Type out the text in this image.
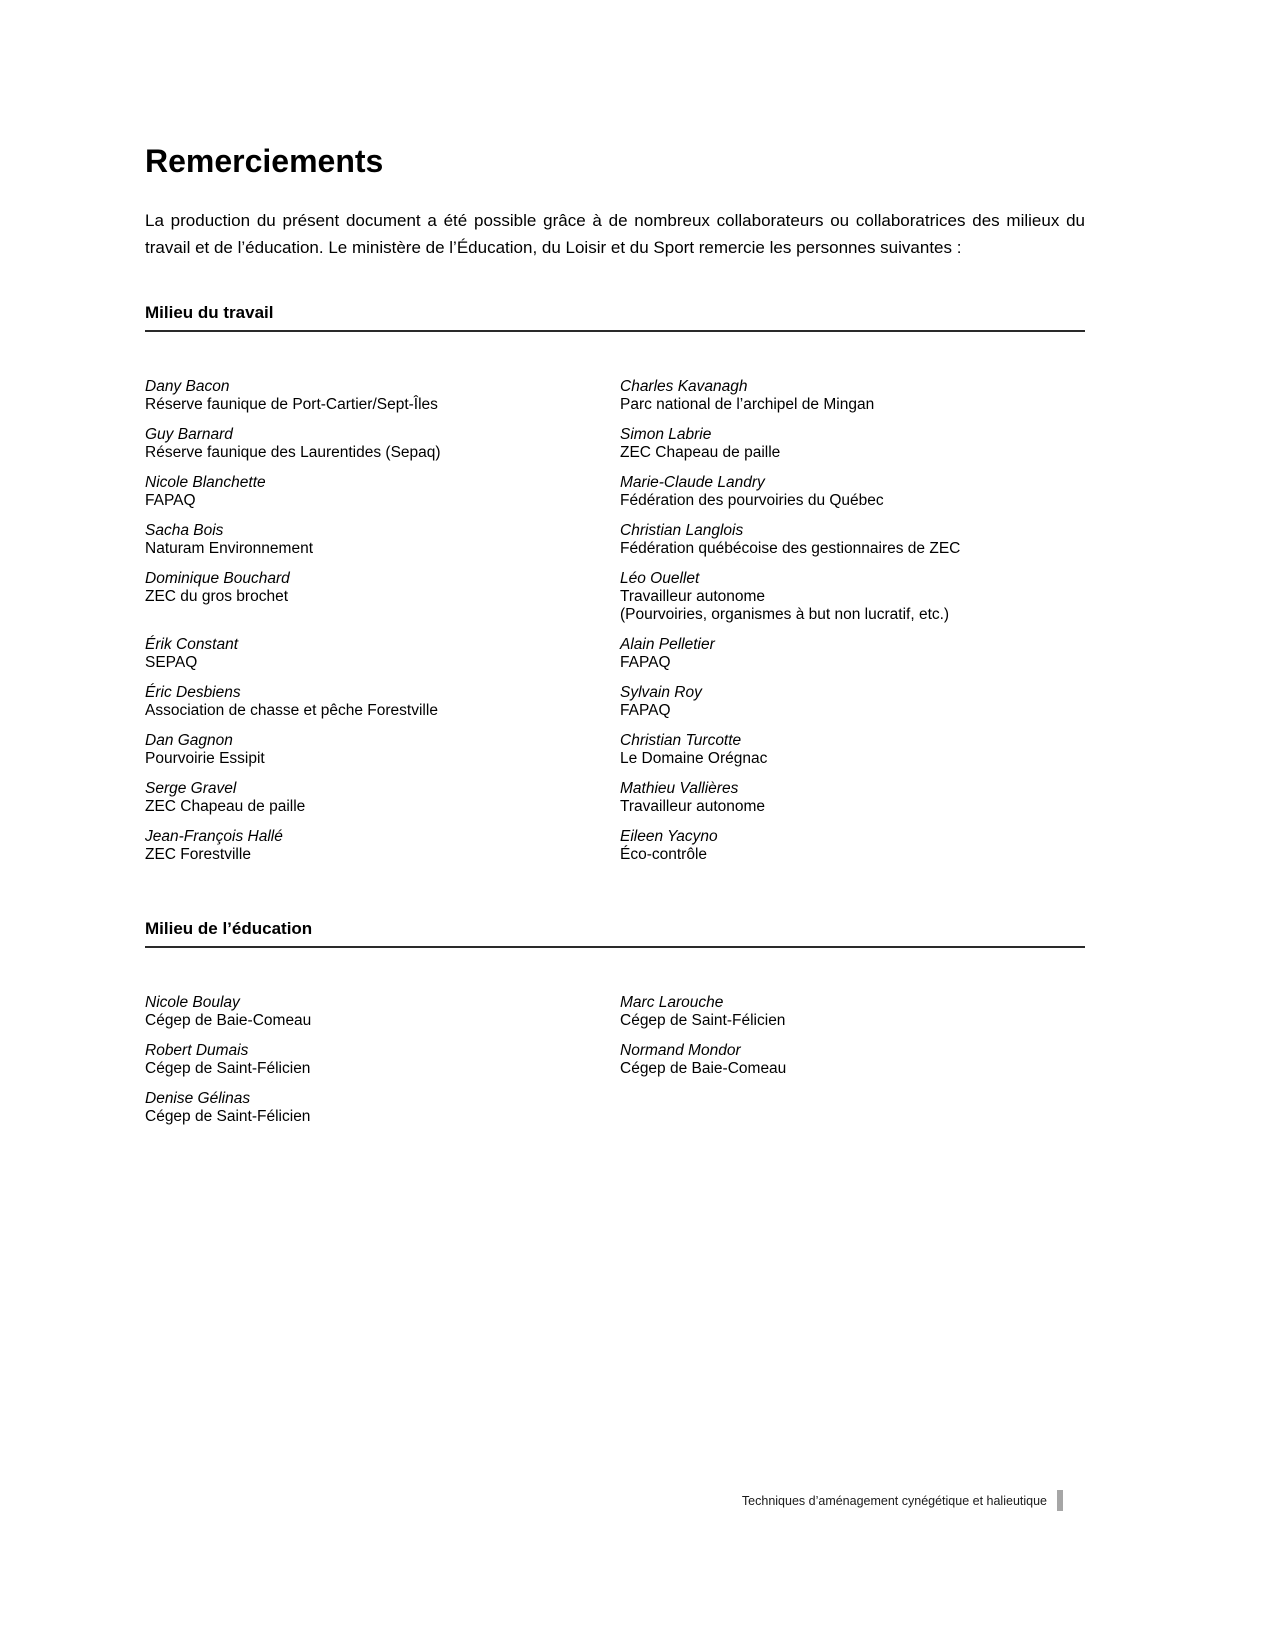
Remerciements

La production du présent document a été possible grâce à de nombreux collaborateurs ou collaboratrices des milieux du travail et de l’éducation. Le ministère de l’Éducation, du Loisir et du Sport remercie les personnes suivantes :

Milieu du travail
Dany Bacon
Réserve faunique de Port-Cartier/Sept-Îles
Charles Kavanagh
Parc national de l’archipel de Mingan
Guy Barnard
Réserve faunique des Laurentides (Sepaq)
Simon Labrie
ZEC Chapeau de paille
Nicole Blanchette
FAPAQ
Marie-Claude Landry
Fédération des pourvoiries du Québec
Sacha Bois
Naturam Environnement
Christian Langlois
Fédération québécoise des gestionnaires de ZEC
Dominique Bouchard
ZEC du gros brochet
Léo Ouellet
Travailleur autonome
(Pourvoiries, organismes à but non lucratif, etc.)
Érik Constant
SEPAQ
Alain Pelletier
FAPAQ
Éric Desbiens
Association de chasse et pêche Forestville
Sylvain Roy
FAPAQ
Dan Gagnon
Pourvoirie Essipit
Christian Turcotte
Le Domaine Orégnac
Serge Gravel
ZEC Chapeau de paille
Mathieu Vallières
Travailleur autonome
Jean-François Hallé
ZEC Forestville
Eileen Yacyno
Éco-contrôle
Milieu de l’éducation
Nicole Boulay
Cégep de Baie-Comeau
Marc Larouche
Cégep de Saint-Félicien
Robert Dumais
Cégep de Saint-Félicien
Normand Mondor
Cégep de Baie-Comeau
Denise Gélinas
Cégep de Saint-Félicien
Techniques d’aménagement cynégétique et halieutique
